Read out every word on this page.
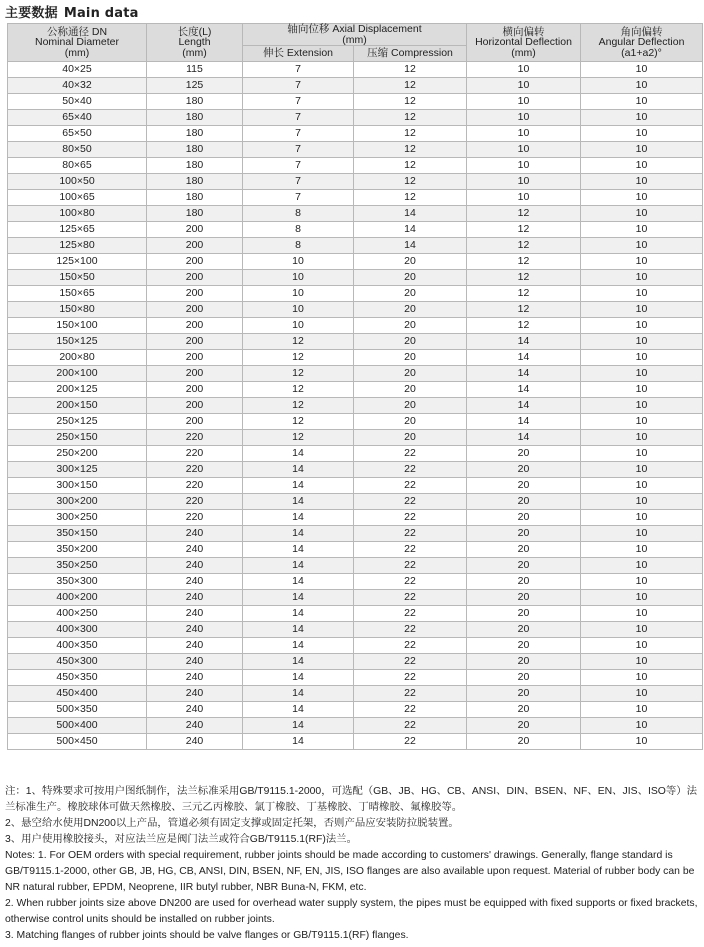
主要数据 Main data
公称通径 DN
Nominal Diameter
(mm)	长度(L)
Length
(mm)	轴向位移 Axial Displacement
(mm)		横向偏转
Horizontal Deflection
(mm)	角向偏转
Angular Deflection
(a1+a2)°

		伸长 Extension	压缩 Compression		
40×25	115	7	12	10	10
40×32	125	7	12	10	10
50×40	180	7	12	10	10
65×40	180	7	12	10	10
65×50	180	7	12	10	10
80×50	180	7	12	10	10
80×65	180	7	12	10	10
100×50	180	7	12	10	10
100×65	180	7	12	10	10
100×80	180	8	14	12	10
125×65	200	8	14	12	10
125×80	200	8	14	12	10
125×100	200	10	20	12	10
150×50	200	10	20	12	10
150×65	200	10	20	12	10
150×80	200	10	20	12	10
150×100	200	10	20	12	10
150×125	200	12	20	14	10
200×80	200	12	20	14	10
200×100	200	12	20	14	10
200×125	200	12	20	14	10
200×150	200	12	20	14	10
250×125	200	12	20	14	10
250×150	220	12	20	14	10
250×200	220	14	22	20	10
300×125	220	14	22	20	10
300×150	220	14	22	20	10
300×200	220	14	22	20	10
300×250	220	14	22	20	10
350×150	240	14	22	20	10
350×200	240	14	22	20	10
350×250	240	14	22	20	10
350×300	240	14	22	20	10
400×200	240	14	22	20	10
400×250	240	14	22	20	10
400×300	240	14	22	20	10
400×350	240	14	22	20	10
450×300	240	14	22	20	10
450×350	240	14	22	20	10
450×400	240	14	22	20	10
500×350	240	14	22	20	10
500×400	240	14	22	20	10
500×450	240	14	22	20	10

注：1、特殊要求可按用户图纸制作，法兰标准采用GB/T9115.1-2000，可选配（GB、JB、HG、CB、ANSI、DIN、BSEN、NF、EN、JIS、ISO等）法兰标准生产。橡胶球体可做天然橡胶、三元乙丙橡胶、氯丁橡胶、丁基橡胶、丁晴橡胶、氟橡胶等。

2、悬空给水使用DN200以上产品，管道必须有固定支撑或固定托架，否则产品应安装防拉脱装置。

3、用户使用橡胶接头，对应法兰应是阀门法兰或符合GB/T9115.1(RF)法兰。

Notes: 1. For OEM orders with special requirement, rubber joints should be made according to customers' drawings. Generally, flange standard is GB/T9115.1-2000, other GB, JB, HG, CB, ANSI, DIN, BSEN, NF, EN, JIS, ISO flanges are also available upon request. Material of rubber body can be NR natural rubber, EPDM, Neoprene, IIR butyl rubber, NBR Buna-N, FKM, etc.

2. When rubber joints size above DN200 are used for overhead water supply system, the pipes must be equipped with fixed supports or fixed brackets, otherwise control units should be installed on rubber joints.

3. Matching flanges of rubber joints should be valve flanges or GB/T9115.1(RF) flanges.
